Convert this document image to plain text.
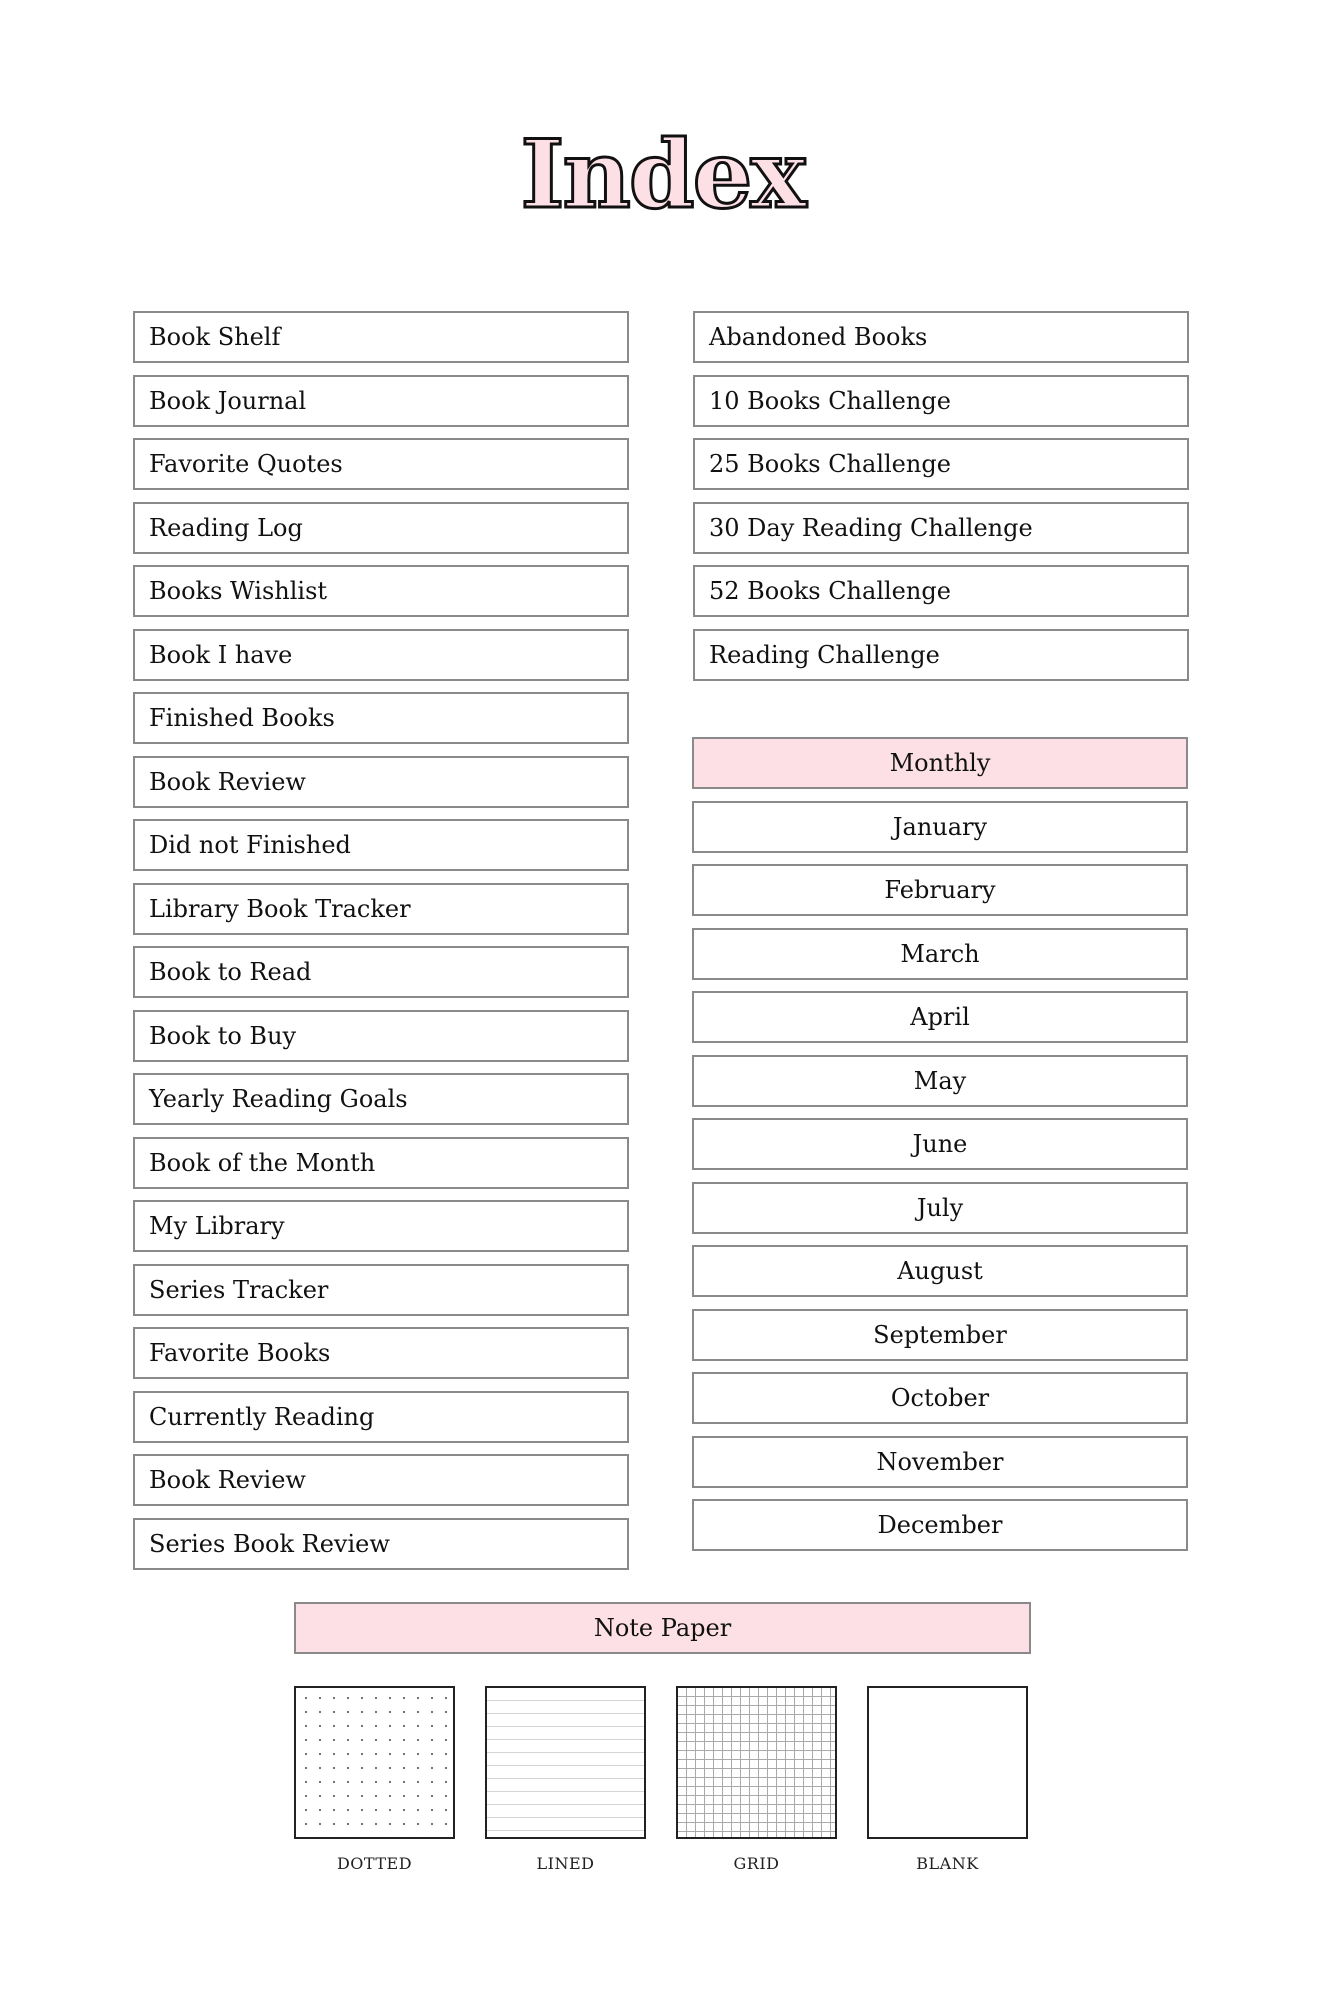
Index
Book Shelf
Book Journal
Favorite Quotes
Reading Log
Books Wishlist
Book I have
Finished Books
Book Review
Did not Finished
Library Book Tracker
Book to Read
Book to Buy
Yearly Reading Goals
Book of the Month
My Library
Series Tracker
Favorite Books
Currently Reading
Book Review
Series Book Review
Abandoned Books
10 Books Challenge
25 Books Challenge
30 Day Reading Challenge
52 Books Challenge
Reading Challenge
Monthly
January
February
March
April
May
June
July
August
September
October
November
December
Note Paper
DOTTED	LINED	GRID	BLANK
